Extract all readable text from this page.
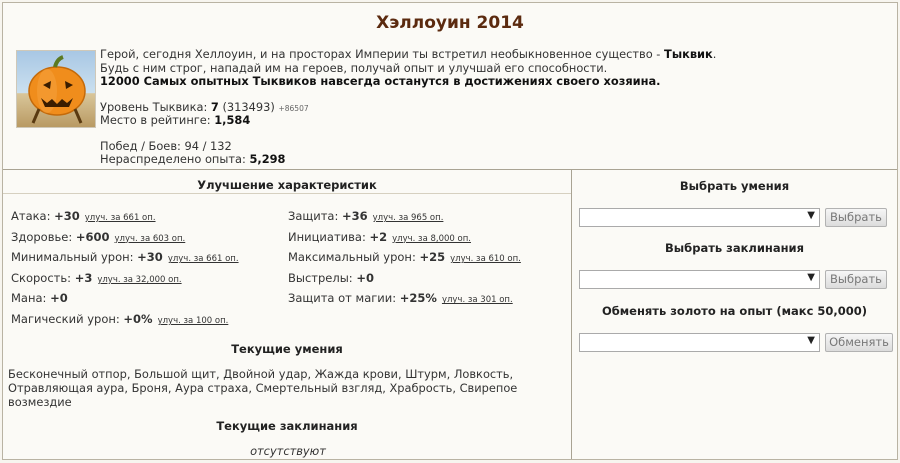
Хэллоуин 2014
Герой, сегодня Хеллоуин, и на просторах Империи ты встретил необыкновенное существо - Тыквик.
Будь с ним строг, нападай им на героев, получай опыт и улучшай его способности.
12000 Самых опытных Тыквиков навсегда останутся в достижениях своего хозяина.
Уровень Тыквика: 7 (313493) +86507
Место в рейтинге: 1,584
Побед / Боев: 94 / 132
Нераспределено опыта: 5,298
Улучшение характеристик
Атака: +30 улуч. за 661 оп.
Здоровье: +600 улуч. за 603 оп.
Минимальный урон: +30 улуч. за 661 оп.
Скорость: +3 улуч. за 32,000 оп.
Мана: +0
Магический урон: +0% улуч. за 100 оп.
Защита: +36 улуч. за 965 оп.
Инициатива: +2 улуч. за 8,000 оп.
Максимальный урон: +25 улуч. за 610 оп.
Выстрелы: +0
Защита от магии: +25% улуч. за 301 оп.
Текущие умения
Бесконечный отпор, Большой щит, Двойной удар, Жажда крови, Штурм, Ловкость, Отравляющая аура, Броня, Аура страха, Смертельный взгляд, Храбрость, Свирепое возмездие
Текущие заклинания
отсутствуют
Выбрать умения
▼	Выбрать
Выбрать заклинания
▼	Выбрать
Обменять золото на опыт (макс 50,000)
▼	Обменять
